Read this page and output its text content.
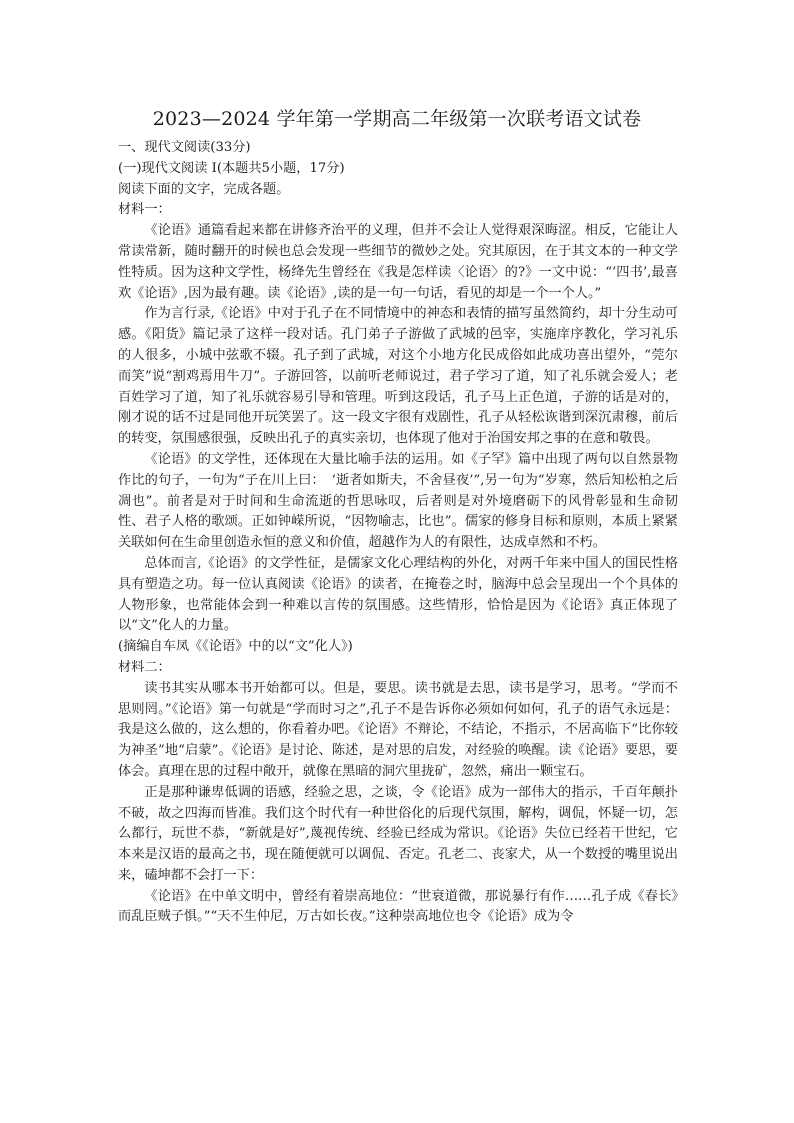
2023—2024 学年第一学期高二年级第一次联考语文试卷

一、现代文阅读(33分)

(一)现代文阅读 I(本题共5小题，17分)

阅读下面的文字，完成各题。

材料一：

《论语》通篇看起来都在讲修齐治平的义理，但并不会让人觉得艰深晦涩。相反，它能让人常读常新，随时翻开的时候也总会发现一些细节的微妙之处。究其原因，在于其文本的一种文学性特质。因为这种文学性，杨绛先生曾经在《我是怎样读〈论语〉的?》一文中说：“‘四书’,最喜欢《论语》,因为最有趣。读《论语》,读的是一句一句话，看见的却是一个一个人。”

作为言行录,《论语》中对于孔子在不同情境中的神态和表情的描写虽然简约，却十分生动可感。《阳货》篇记录了这样一段对话。孔门弟子子游做了武城的邑宰，实施庠序教化，学习礼乐的人很多，小城中弦歌不辍。孔子到了武城，对这个小地方化民成俗如此成功喜出望外，“莞尔而笑”说“割鸡焉用牛刀”。子游回答，以前听老师说过，君子学习了道，知了礼乐就会爱人；老百姓学习了道，知了礼乐就容易引导和管理。听到这段话，孔子马上正色道，子游的话是对的，刚才说的话不过是同他开玩笑罢了。这一段文字很有戏剧性，孔子从轻松诙谐到深沉肃穆，前后的转变，氛围感很强，反映出孔子的真实亲切，也体现了他对于治国安邦之事的在意和敬畏。

《论语》的文学性，还体现在大量比喻手法的运用。如《子罕》篇中出现了两句以自然景物作比的句子，一句为“子在川上曰：　‘逝者如斯夫，不舍昼夜’”,另一句为“岁寒，然后知松柏之后凋也”。前者是对于时间和生命流逝的哲思咏叹，后者则是对外境磨砺下的风骨彰显和生命韧性、君子人格的歌颂。正如钟嵘所说，“因物喻志，比也”。儒家的修身目标和原则，本质上紧紧关联如何在生命里创造永恒的意义和价值，超越作为人的有限性，达成卓然和不朽。

总体而言,《论语》的文学性征，是儒家文化心理结构的外化，对两千年来中国人的国民性格具有塑造之功。每一位认真阅读《论语》的读者，在掩卷之时，脑海中总会呈现出一个个具体的人物形象，也常能体会到一种难以言传的氛围感。这些情形，恰恰是因为《论语》真正体现了以“文”化人的力量。

(摘编自车凤《《论语》中的以“文”化人》)

材料二：

读书其实从哪本书开始都可以。但是，要思。读书就是去思，读书是学习，思考。“学而不思则罔。”《论语》第一句就是“学而时习之”,孔子不是告诉你必须如何如何，孔子的语气永远是：我是这么做的，这么想的，你看着办吧。《论语》不辩论，不结论，不指示，不居高临下“比你较为神圣”地“启蒙”。《论语》是讨论、陈述，是对思的启发，对经验的唤醒。读《论语》要思，要体会。真理在思的过程中敞开，就像在黑暗的洞穴里拢矿，忽然，痛出一颗宝石。

正是那种谦卑低调的语感，经验之思，之谈，令《论语》成为一部伟大的指示，千百年颠扑不破，故之四海而皆准。我们这个时代有一种世俗化的后现代氛围，解构，调侃，怀疑一切，怎么都行，玩世不恭，“新就是好”,蔑视传统、经验已经成为常识。《论语》失位已经若干世纪，它本来是汉语的最高之书，现在随便就可以调侃、否定。孔老二、丧家犬，从一个数授的嘴里说出来，磕坤都不会打一下：

《论语》在中单文明中，曾经有着崇高地位：“世衰道微，那说暴行有作……孔子成《春长》而乱臣贼子惧。”“天不生仲尼，万古如长夜。”这种崇高地位也令《论语》成为令
